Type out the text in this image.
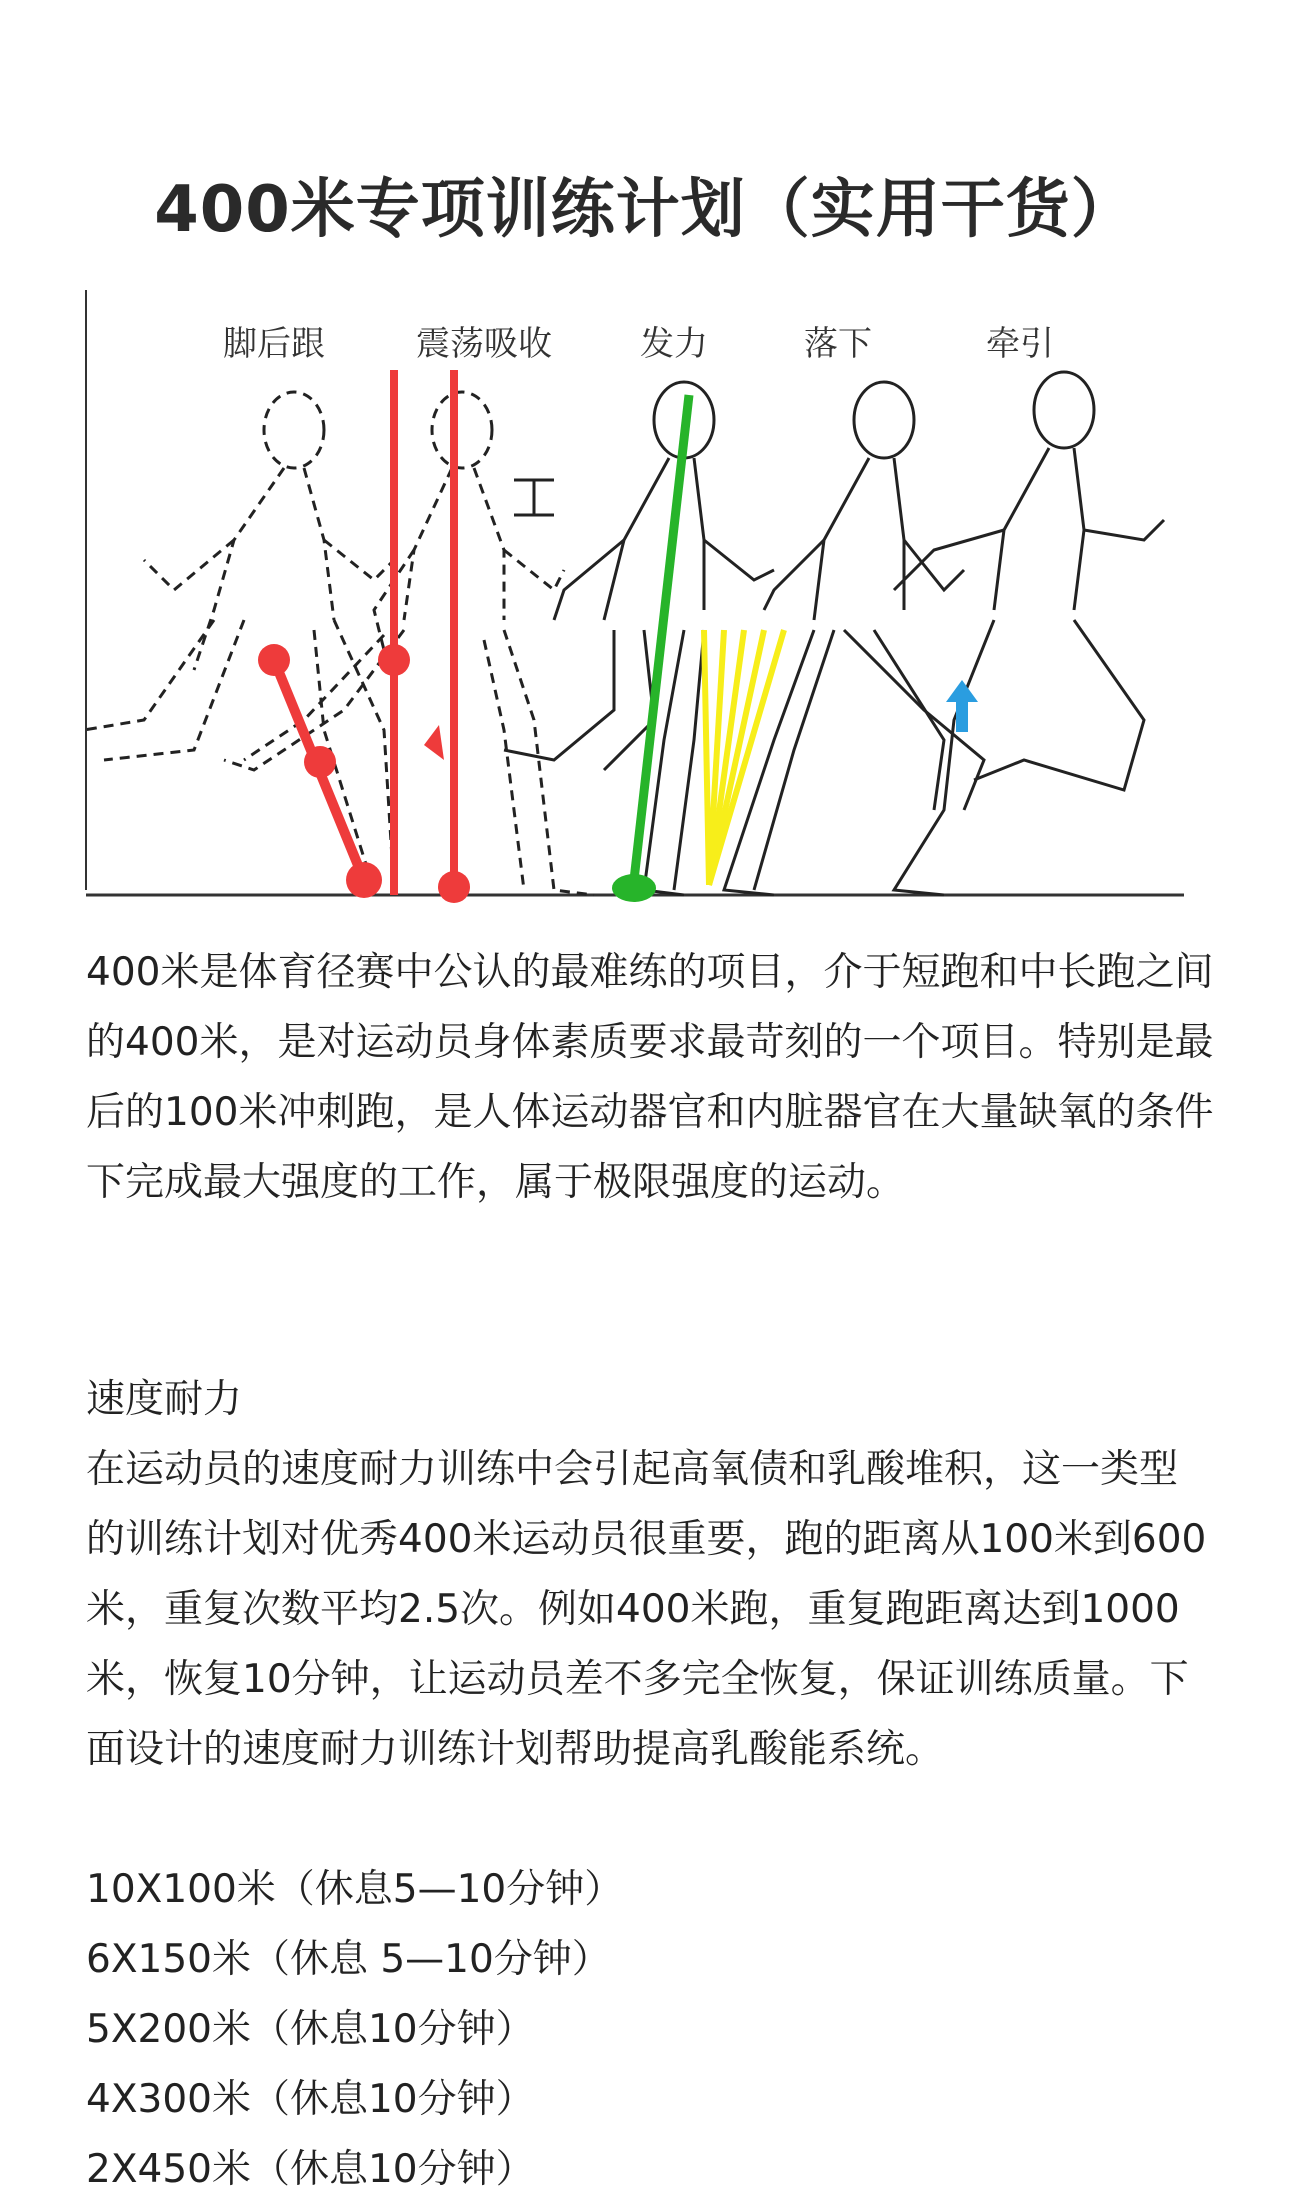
400米专项训练计划（实用干货）
脚后跟	震荡吸收	发力	落下	牵引
400米是体育径赛中公认的最难练的项目，介于短跑和中长跑之间的400米，是对运动员身体素质要求最苛刻的一个项目。特别是最后的100米冲刺跑，是人体运动器官和内脏器官在大量缺氧的条件下完成最大强度的工作，属于极限强度的运动。
速度耐力
在运动员的速度耐力训练中会引起高氧债和乳酸堆积，这一类型的训练计划对优秀400米运动员很重要，跑的距离从100米到600米，重复次数平均2.5次。例如400米跑，重复跑距离达到1000米，恢复10分钟，让运动员差不多完全恢复，保证训练质量。下面设计的速度耐力训练计划帮助提高乳酸能系统。
10X100米（休息5—10分钟）
6X150米（休息 5—10分钟）
5X200米（休息10分钟）
4X300米（休息10分钟）
2X450米（休息10分钟）
